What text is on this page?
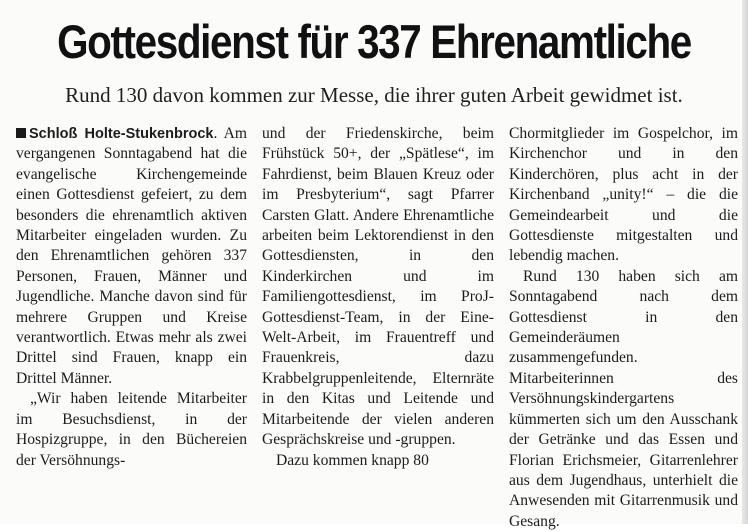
Gottesdienst für 337 Ehrenamtliche
Rund 130 davon kommen zur Messe, die ihrer guten Arbeit gewidmet ist.

Schloß Holte-Stukenbrock. Am vergangenen Sonntagabend hat die evangelische Kirchengemeinde einen Gottesdienst gefeiert, zu dem besonders die ehrenamtlich aktiven Mitarbeiter eingeladen wurden. Zu den Ehrenamtlichen gehören 337 Personen, Frauen, Männer und Jugendliche. Manche davon sind für mehrere Gruppen und Kreise verantwortlich. Etwas mehr als zwei Drittel sind Frauen, knapp ein Drittel Männer.

„Wir haben leitende Mitarbeiter im Besuchsdienst, in der Hospizgruppe, in den Büchereien der Versöhnungs-

und der Friedenskirche, beim Frühstück 50+, der „Spätlese“, im Fahrdienst, beim Blauen Kreuz oder im Presbyterium“, sagt Pfarrer Carsten Glatt. Andere Ehrenamtliche arbeiten beim Lektorendienst in den Gottesdiensten, in den Kinderkirchen und im Familiengottesdienst, im ProJ-Gottesdienst-Team, in der Eine-Welt-Arbeit, im Frauentreff und Frauenkreis, dazu Krabbelgruppenleitende, Elternräte in den Kitas und Leitende und Mitarbeitende der vielen anderen Gesprächskreise und -gruppen.

Dazu kommen knapp 80

Chormitglieder im Gospelchor, im Kirchenchor und in den Kinderchören, plus acht in der Kirchenband „unity!“ – die die Gemeindearbeit und die Gottesdienste mitgestalten und lebendig machen.

Rund 130 haben sich am Sonntagabend nach dem Gottesdienst in den Gemeinderäumen zusammengefunden. Mitarbeiterinnen des Versöhnungskindergartens kümmerten sich um den Ausschank der Getränke und das Essen und Florian Erichsmeier, Gitarrenlehrer aus dem Jugendhaus, unterhielt die Anwesenden mit Gitarrenmusik und Gesang.
